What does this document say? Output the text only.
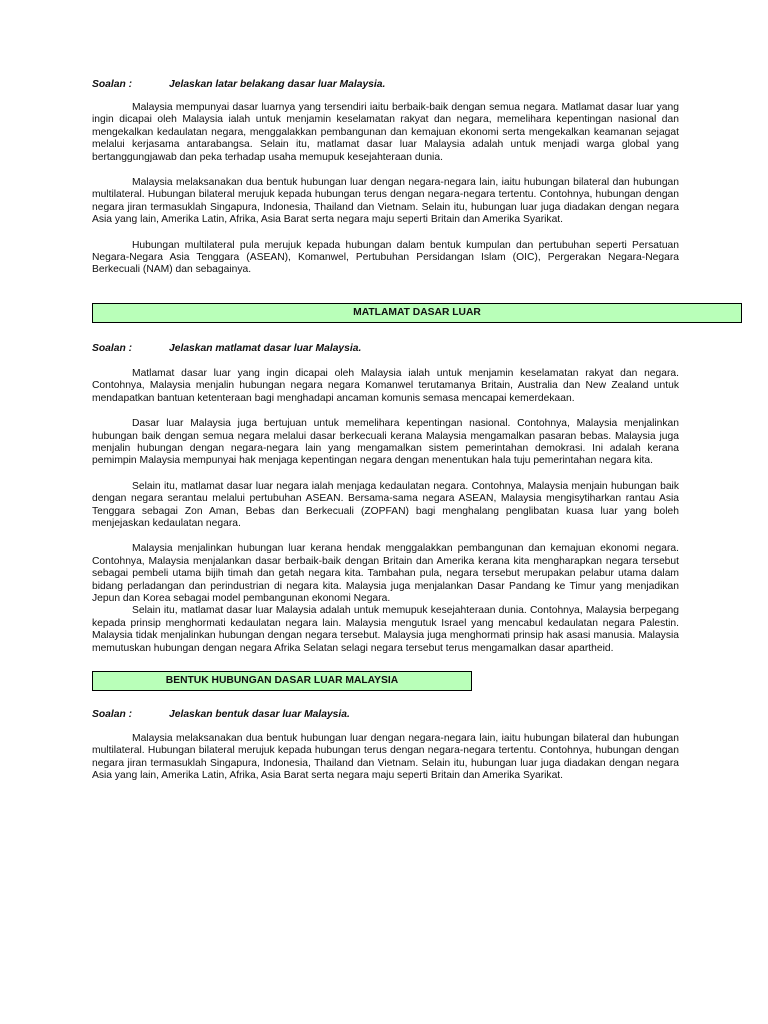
Soalan :	Jelaskan latar belakang dasar luar Malaysia.

Malaysia mempunyai dasar luarnya yang tersendiri iaitu berbaik-baik dengan semua negara. Matlamat dasar luar yang ingin dicapai oleh Malaysia ialah untuk menjamin keselamatan rakyat dan negara, memelihara kepentingan nasional dan mengekalkan kedaulatan negara, menggalakkan pembangunan dan kemajuan ekonomi serta mengekalkan keamanan sejagat melalui kerjasama antarabangsa. Selain itu, matlamat dasar luar Malaysia adalah untuk menjadi warga global yang bertanggungjawab dan peka terhadap usaha memupuk kesejahteraan dunia.

Malaysia melaksanakan dua bentuk hubungan luar dengan negara-negara lain, iaitu hubungan bilateral dan hubungan multilateral. Hubungan bilateral merujuk kepada hubungan terus dengan negara-negara tertentu. Contohnya, hubungan dengan negara jiran termasuklah Singapura, Indonesia, Thailand dan Vietnam. Selain itu, hubungan luar juga diadakan dengan negara Asia yang lain, Amerika Latin, Afrika, Asia Barat serta negara maju seperti Britain dan Amerika Syarikat.

Hubungan multilateral pula merujuk kepada hubungan dalam bentuk kumpulan dan pertubuhan seperti Persatuan Negara-Negara Asia Tenggara (ASEAN), Komanwel, Pertubuhan Persidangan Islam (OIC), Pergerakan Negara-Negara Berkecuali (NAM) dan sebagainya.

MATLAMAT DASAR LUAR
Soalan :	Jelaskan matlamat dasar luar Malaysia.

Matlamat dasar luar yang ingin dicapai oleh Malaysia ialah untuk menjamin keselamatan rakyat dan negara. Contohnya, Malaysia menjalin hubungan negara negara Komanwel terutamanya Britain, Australia dan New Zealand untuk mendapatkan bantuan ketenteraan bagi menghadapi ancaman komunis semasa mencapai kemerdekaan.

Dasar luar Malaysia juga bertujuan untuk memelihara kepentingan nasional. Contohnya, Malaysia menjalinkan hubungan baik dengan semua negara melalui dasar berkecuali kerana Malaysia mengamalkan pasaran bebas. Malaysia juga menjalin hubungan dengan negara-negara lain yang mengamalkan sistem pemerintahan demokrasi. Ini adalah kerana pemimpin Malaysia mempunyai hak menjaga kepentingan negara dengan menentukan hala tuju pemerintahan negara kita.

Selain itu, matlamat dasar luar negara ialah menjaga kedaulatan negara. Contohnya, Malaysia menjain hubungan baik dengan negara serantau melalui pertubuhan ASEAN. Bersama-sama negara ASEAN, Malaysia mengisytiharkan rantau Asia Tenggara sebagai Zon Aman, Bebas dan Berkecuali (ZOPFAN) bagi menghalang penglibatan kuasa luar yang boleh menjejaskan kedaulatan negara.

Malaysia menjalinkan hubungan luar kerana hendak menggalakkan pembangunan dan kemajuan ekonomi negara. Contohnya, Malaysia menjalankan dasar berbaik-baik dengan Britain dan Amerika kerana kita mengharapkan negara tersebut sebagai pembeli utama bijih timah dan getah negara kita. Tambahan pula, negara tersebut merupakan pelabur utama dalam bidang perladangan dan perindustrian di negara kita. Malaysia juga menjalankan Dasar Pandang ke Timur yang menjadikan Jepun dan Korea sebagai model pembangunan ekonomi Negara.

Selain itu, matlamat dasar luar Malaysia adalah untuk memupuk kesejahteraan dunia. Contohnya, Malaysia berpegang kepada prinsip menghormati kedaulatan negara lain. Malaysia mengutuk Israel yang mencabul kedaulatan negara Palestin. Malaysia tidak menjalinkan hubungan dengan negara tersebut. Malaysia juga menghormati prinsip hak asasi manusia. Malaysia memutuskan hubungan dengan negara Afrika Selatan selagi negara tersebut terus mengamalkan dasar apartheid.

BENTUK HUBUNGAN DASAR LUAR MALAYSIA
Soalan :	Jelaskan bentuk dasar luar Malaysia.

Malaysia melaksanakan dua bentuk hubungan luar dengan negara-negara lain, iaitu hubungan bilateral dan hubungan multilateral. Hubungan bilateral merujuk kepada hubungan terus dengan negara-negara tertentu. Contohnya, hubungan dengan negara jiran termasuklah Singapura, Indonesia, Thailand dan Vietnam. Selain itu, hubungan luar juga diadakan dengan negara Asia yang lain, Amerika Latin, Afrika, Asia Barat serta negara maju seperti Britain dan Amerika Syarikat.
